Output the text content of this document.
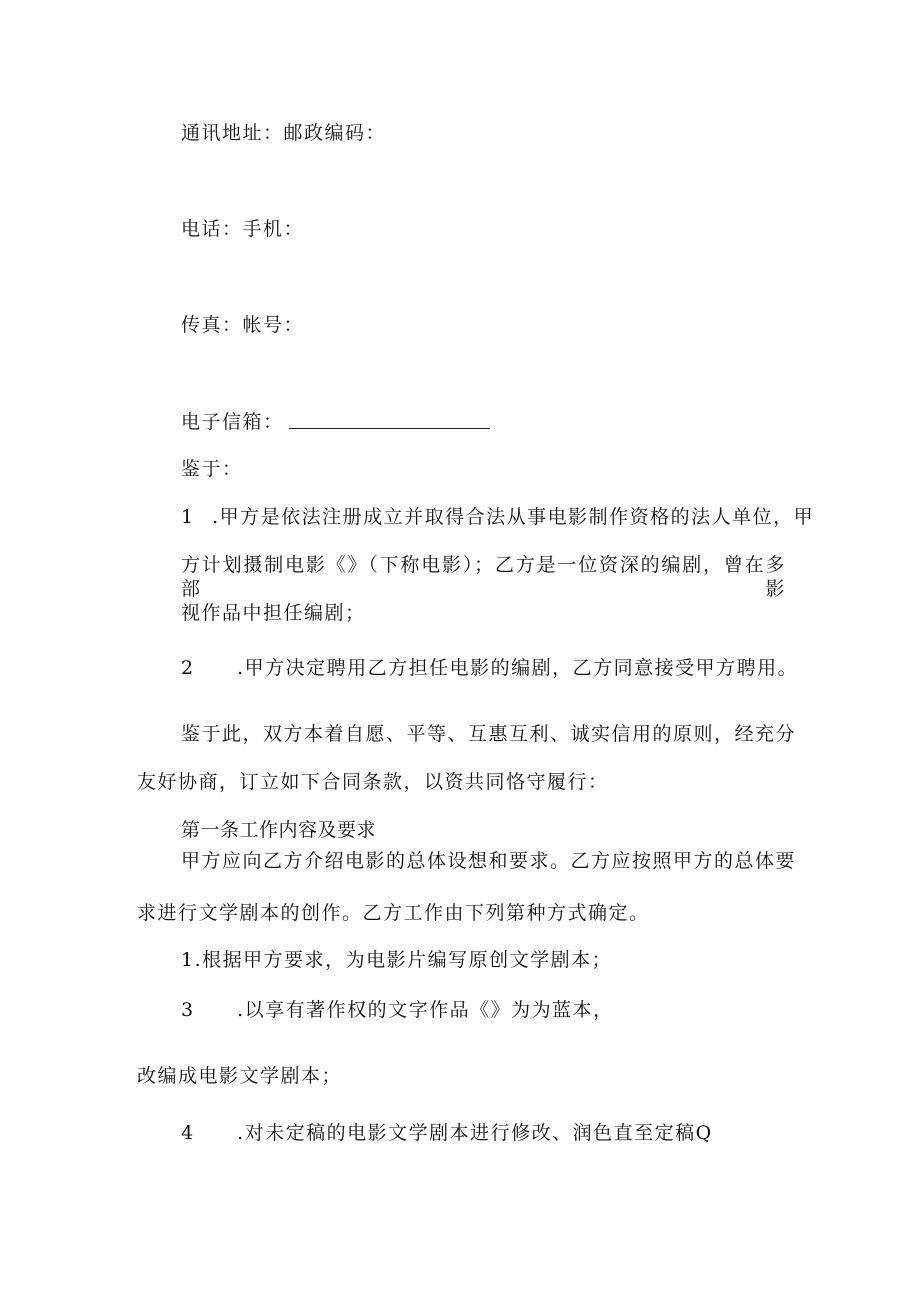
通讯地址：邮政编码：
电话：手机：
传真：帐号：
电子信箱：
鉴于：
1 .甲方是依法注册成立并取得合法从事电影制作资格的法人单位，甲
方计划摄制电影《》（下称电影）；乙方是一位资深的编剧，曾在多部影
视作品中担任编剧；
2 .甲方决定聘用乙方担任电影的编剧，乙方同意接受甲方聘用。
鉴于此，双方本着自愿、平等、互惠互利、诚实信用的原则，经充分
友好协商，订立如下合同条款，以资共同恪守履行：
第一条工作内容及要求
甲方应向乙方介绍电影的总体设想和要求。乙方应按照甲方的总体要
求进行文学剧本的创作。乙方工作由下列第种方式确定。
1.根据甲方要求，为电影片编写原创文学剧本；
3 .以享有著作权的文字作品《》为为蓝本，
改编成电影文学剧本；
4 .对未定稿的电影文学剧本进行修改、润色直至定稿Q
